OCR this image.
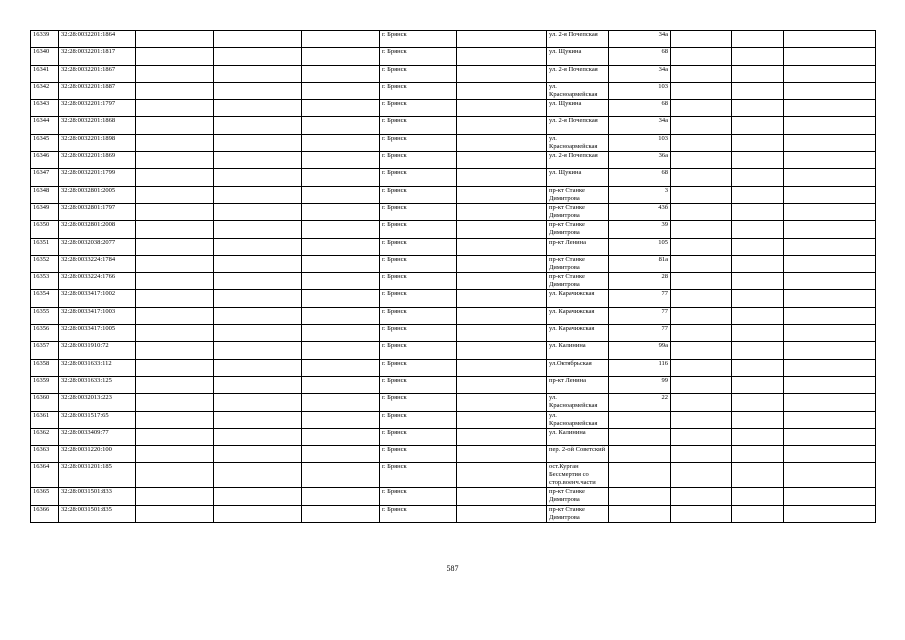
16339	32:28:0032201:1864				г. Брянск		ул. 2-я Почепская	34а			
16340	32:28:0032201:1817				г. Брянск		ул. Щукина	68			
16341	32:28:0032201:1867				г. Брянск		ул. 2-я Почепская	34а			
16342	32:28:0032201:1887				г. Брянск		ул. Красноармейская	103			
16343	32:28:0032201:1797				г. Брянск		ул. Щукина	68			
16344	32:28:0032201:1868				г. Брянск		ул. 2-я Почепская	34а			
16345	32:28:0032201:1898				г. Брянск		ул. Красноармейская	103			
16346	32:28:0032201:1869				г. Брянск		ул. 2-я Почепская	36а			
16347	32:28:0032201:1799				г. Брянск		ул. Щукина	68			
16348	32:28:0032801:2005				г. Брянск		пр-кт Станке Димитрова	3			
16349	32:28:0032801:1797				г. Брянск		пр-кт Станке Димитрова	43б			
16350	32:28:0032801:2008				г. Брянск		пр-кт Станке Димитрова	39			
16351	32:28:0032038:2077				г. Брянск		пр-кт Ленина	105			
16352	32:28:0033224:1784				г. Брянск		пр-кт Станке Димитрова	81а			
16353	32:28:0033224:1766				г. Брянск		пр-кт Станке Димитрова	28			
16354	32:28:0033417:1002				г. Брянск		ул. Карачижская	77			
16355	32:28:0033417:1003				г. Брянск		ул. Карачижская	77			
16356	32:28:0033417:1005				г. Брянск		ул. Карачижская	77			
16357	32:28:0031910:72				г. Брянск		ул. Калинина	99а			
16358	32:28:0031633:112				г. Брянск		ул.Октябрьская	116			
16359	32:28:0031633:125				г. Брянск		пр-кт Ленина	99			
16360	32:28:0032013:223				г. Брянск		ул. Красноармейская	22			
16361	32:28:0031517:65				г. Брянск		ул. Красноармейская				
16362	32:28:0033409:77				г. Брянск		ул. Калинина				
16363	32:28:0031220:100				г. Брянск		пер. 2-ой Советский				
16364	32:28:0031201:185				г. Брянск		ост.Курган Бессмертия со стор.военч.части				
16365	32:28:0031501:833				г. Брянск		пр-кт Станке Димитрова				
16366	32:28:0031501:835				г. Брянск		пр-кт Станке Димитрова				
587
